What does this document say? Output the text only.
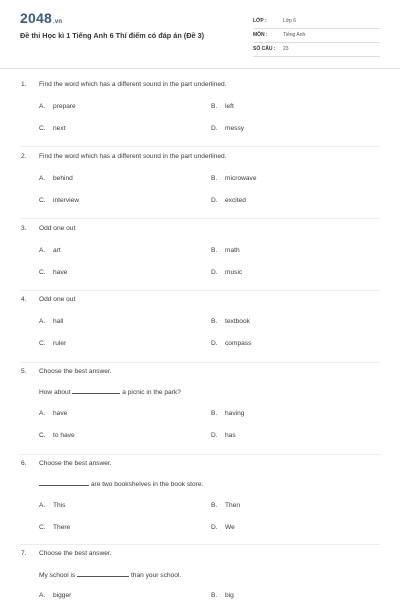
2048.vn
Đề thi Học kì 1 Tiếng Anh 6 Thí điểm có đáp án (Đề 3)
LỚP :	Lớp 6
MÔN :	Tiếng Anh
SỐ CÂU : 23
1. Find the word which has a different sound in the part underlined.
A. prepare	B. left
C. next	D. messy
2. Find the word which has a different sound in the part underlined.
A. behind	B. microwave
C. interview	D. excited
3. Odd one out
A. art	B. math
C. have	D. music
4. Odd one out
A. hall	B. textbook
C. ruler	D. compass
5. Choose the best answer.
How about	a picnic in the park?
A. have	B. having
C. to have	D. has
6. Choose the best answer.
are two bookshelves in the book store.
A. This	B. Then
C. There	D. We
7. Choose the best answer.
My school is	than your school.
A. bigger	B. big
